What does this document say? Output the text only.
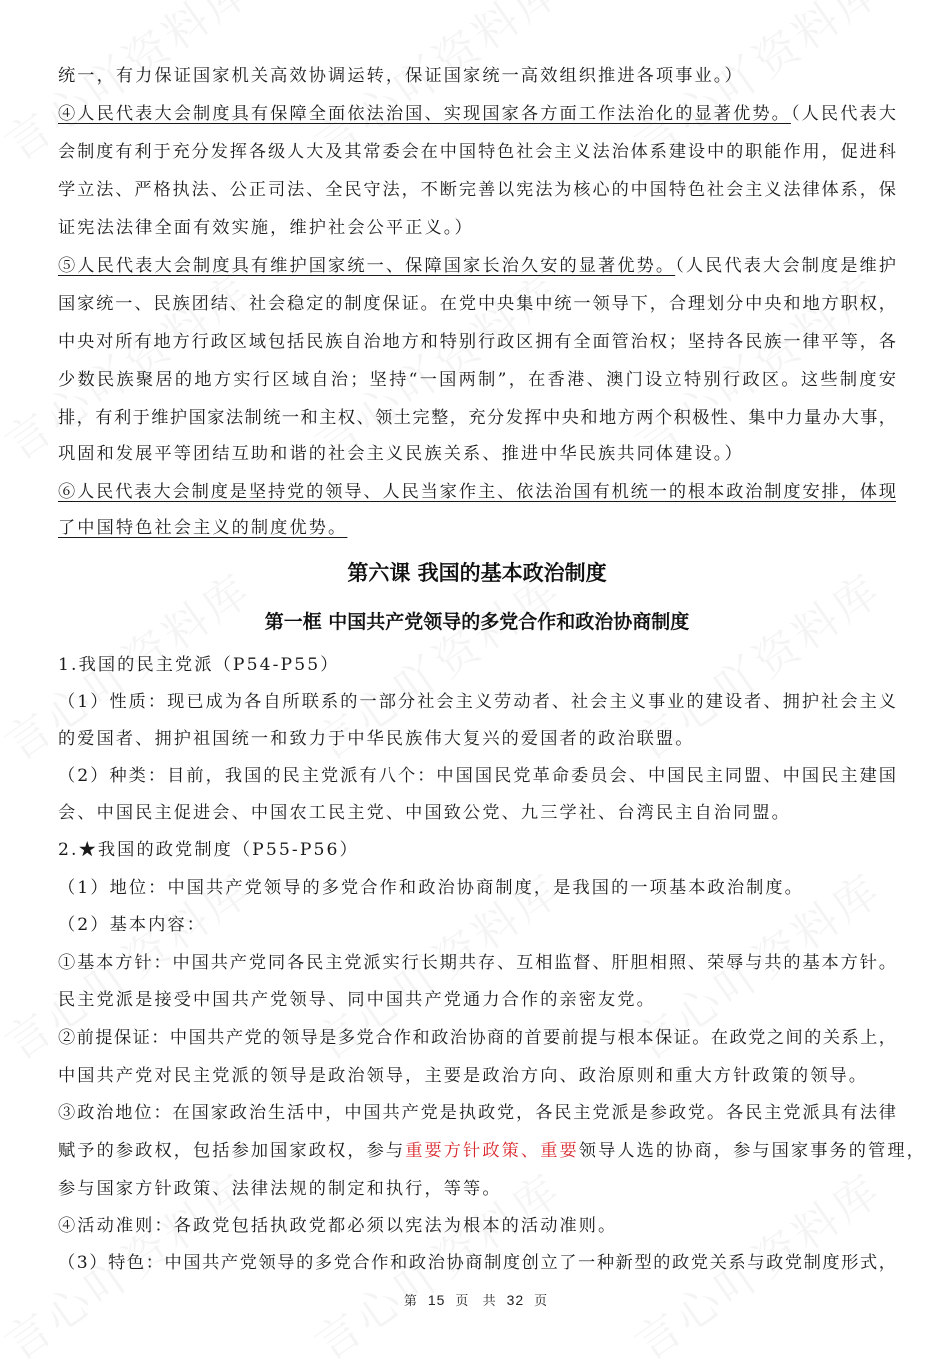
统一，有力保证国家机关高效协调运转，保证国家统一高效组织推进各项事业。）
④人民代表大会制度具有保障全面依法治国、实现国家各方面工作法治化的显著优势。（人民代表大
会制度有利于充分发挥各级人大及其常委会在中国特色社会主义法治体系建设中的职能作用，促进科
学立法、严格执法、公正司法、全民守法，不断完善以宪法为核心的中国特色社会主义法律体系，保
证宪法法律全面有效实施，维护社会公平正义。）
⑤人民代表大会制度具有维护国家统一、保障国家长治久安的显著优势。（人民代表大会制度是维护
国家统一、民族团结、社会稳定的制度保证。在党中央集中统一领导下，合理划分中央和地方职权，
中央对所有地方行政区域包括民族自治地方和特别行政区拥有全面管治权；坚持各民族一律平等，各
少数民族聚居的地方实行区域自治；坚持“一国两制”，在香港、澳门设立特别行政区。这些制度安
排，有利于维护国家法制统一和主权、领土完整，充分发挥中央和地方两个积极性、集中力量办大事，
巩固和发展平等团结互助和谐的社会主义民族关系、推进中华民族共同体建设。）
⑥人民代表大会制度是坚持党的领导、人民当家作主、依法治国有机统一的根本政治制度安排，体现
了中国特色社会主义的制度优势。
第六课 我国的基本政治制度
第一框 中国共产党领导的多党合作和政治协商制度
1.我国的民主党派（P54-P55）
（1）性质：现已成为各自所联系的一部分社会主义劳动者、社会主义事业的建设者、拥护社会主义
的爱国者、拥护祖国统一和致力于中华民族伟大复兴的爱国者的政治联盟。
（2）种类：目前，我国的民主党派有八个：中国国民党革命委员会、中国民主同盟、中国民主建国
会、中国民主促进会、中国农工民主党、中国致公党、九三学社、台湾民主自治同盟。
2.★我国的政党制度（P55-P56）
（1）地位：中国共产党领导的多党合作和政治协商制度，是我国的一项基本政治制度。
（2）基本内容：
①基本方针：中国共产党同各民主党派实行长期共存、互相监督、肝胆相照、荣辱与共的基本方针。
民主党派是接受中国共产党领导、同中国共产党通力合作的亲密友党。
②前提保证：中国共产党的领导是多党合作和政治协商的首要前提与根本保证。在政党之间的关系上，
中国共产党对民主党派的领导是政治领导，主要是政治方向、政治原则和重大方针政策的领导。
③政治地位：在国家政治生活中，中国共产党是执政党，各民主党派是参政党。各民主党派具有法律
赋予的参政权，包括参加国家政权，参与重要方针政策、重要领导人选的协商，参与国家事务的管理，
参与国家方针政策、法律法规的制定和执行，等等。
④活动准则：各政党包括执政党都必须以宪法为根本的活动准则。
（3）特色：中国共产党领导的多党合作和政治协商制度创立了一种新型的政党关系与政党制度形式，
第 15 页 共 32 页
